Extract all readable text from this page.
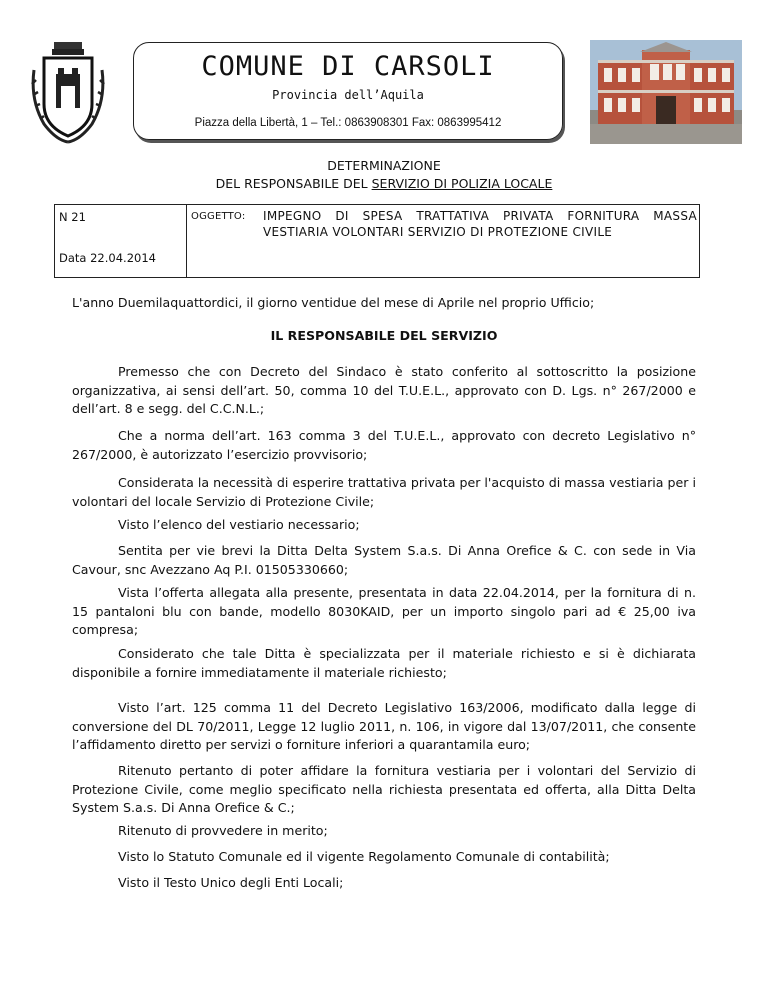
COMUNE DI CARSOLI
Provincia dell’Aquila
Piazza della Libertà, 1 – Tel.: 0863908301 Fax: 0863995412
DETERMINAZIONE
DEL RESPONSABILE DEL SERVIZIO DI POLIZIA LOCALE
N 21
Data 22.04.2014
OGGETTO: IMPEGNO DI SPESA TRATTATIVA PRIVATA FORNITURA MASSA VESTIARIA VOLONTARI SERVIZIO DI PROTEZIONE CIVILE
L'anno Duemilaquattordici, il giorno ventidue del mese di Aprile nel proprio Ufficio;
IL RESPONSABILE DEL SERVIZIO
Premesso che con Decreto del Sindaco è stato conferito al sottoscritto la posizione organizzativa, ai sensi dell’art. 50, comma 10 del T.U.E.L., approvato con D. Lgs. n° 267/2000 e dell’art. 8 e segg. del C.C.N.L.;
Che a norma dell’art. 163 comma 3 del T.U.E.L., approvato con decreto Legislativo n° 267/2000, è autorizzato l’esercizio provvisorio;
Considerata la necessità di esperire trattativa privata per l'acquisto di massa vestiaria per i volontari del locale Servizio di Protezione Civile;
Visto l’elenco del vestiario necessario;
Sentita per vie brevi la Ditta Delta System S.a.s. Di Anna Orefice & C. con sede in Via Cavour, snc Avezzano Aq P.I. 01505330660;
Vista l’offerta allegata alla presente, presentata in data 22.04.2014, per la fornitura di n. 15 pantaloni blu con bande, modello 8030KAID, per un importo singolo pari ad € 25,00 iva compresa;
Considerato che tale Ditta è specializzata per il materiale richiesto e si è dichiarata disponibile a fornire immediatamente il materiale richiesto;
Visto l’art. 125 comma 11 del Decreto Legislativo 163/2006, modificato dalla legge di conversione del DL 70/2011, Legge 12 luglio 2011, n. 106, in vigore dal 13/07/2011, che consente l’affidamento diretto per servizi o forniture inferiori a quarantamila euro;
Ritenuto pertanto di poter affidare la fornitura vestiaria per i volontari del Servizio di Protezione Civile, come meglio specificato nella richiesta presentata ed offerta, alla Ditta Delta System S.a.s. Di Anna Orefice & C.;
Ritenuto di provvedere in merito;
Visto lo Statuto Comunale ed il vigente Regolamento Comunale di contabilità;
Visto il Testo Unico degli Enti Locali;
